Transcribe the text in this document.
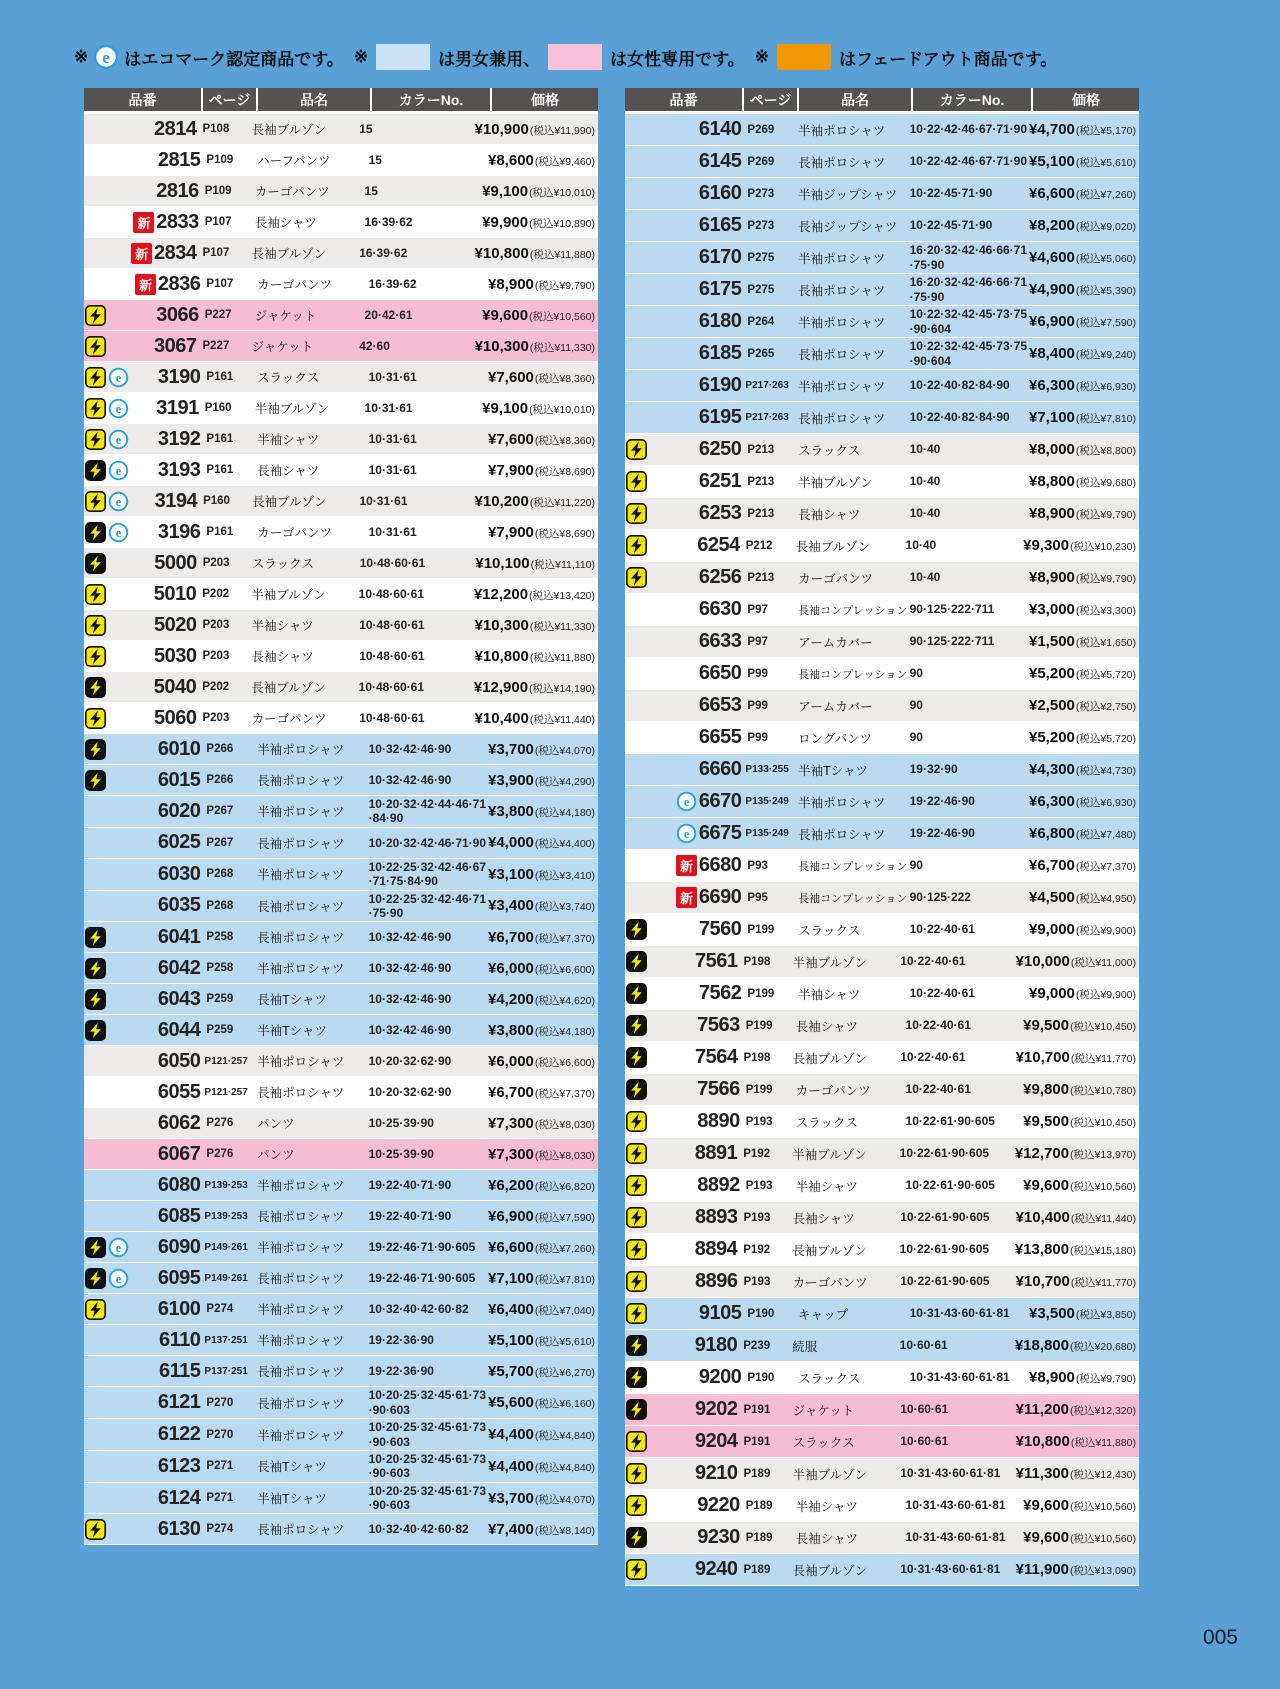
※ e はエコマーク認定商品です。 ※	は男女兼用、	は女性専用です。 ※	はフェードアウト商品です。
品番	ページ	品名	カラーNo.	価格
2814 P108	長袖ブルゾン	15	¥10,900 (税込¥11,990)
2815 P109	ハーフパンツ	15	¥8,600 (税込¥9,460)
2816 P109	カーゴパンツ	15	¥9,100 (税込¥10,010)
新 2833 P107	長袖シャツ	16·39·62	¥9,900 (税込¥10,890)
新 2834 P107	長袖ブルゾン	16·39·62	¥10,800 (税込¥11,880)
新 2836 P107	カーゴパンツ	16·39·62	¥8,900 (税込¥9,790)
3066 P227	ジャケット	20·42·61	¥9,600 (税込¥10,560)
3067 P227	ジャケット	42·60	¥10,300 (税込¥11,330)
e 3190 P161	スラックス	10·31·61	¥7,600 (税込¥8,360)
e 3191 P160	半袖ブルゾン	10·31·61	¥9,100 (税込¥10,010)
e 3192 P161	半袖シャツ	10·31·61	¥7,600 (税込¥8,360)
e 3193 P161	長袖シャツ	10·31·61	¥7,900 (税込¥8,690)
e 3194 P160	長袖ブルゾン	10·31·61	¥10,200 (税込¥11,220)
e 3196 P161	カーゴパンツ	10·31·61	¥7,900 (税込¥8,690)
5000 P203	スラックス	10·48·60·61	¥10,100 (税込¥11,110)
5010 P202	半袖ブルゾン	10·48·60·61	¥12,200 (税込¥13,420)
5020 P203	半袖シャツ	10·48·60·61	¥10,300 (税込¥11,330)
5030 P203	長袖シャツ	10·48·60·61	¥10,800 (税込¥11,880)
5040 P202	長袖ブルゾン	10·48·60·61	¥12,900 (税込¥14,190)
5060 P203	カーゴパンツ	10·48·60·61	¥10,400 (税込¥11,440)
6010 P266	半袖ポロシャツ	10·32·42·46·90	¥3,700 (税込¥4,070)
6015 P266	長袖ポロシャツ	10·32·42·46·90	¥3,900 (税込¥4,290)
6020 P267	半袖ポロシャツ
10·20·32·42·44·46·71·84·90	¥3,800 (税込¥4,180)
6025 P267	長袖ポロシャツ	10·20·32·42·46·71·90 ¥4,000 (税込¥4,400)
6030 P268	半袖ポロシャツ
10·22·25·32·42·46·67·71·75·84·90	¥3,100 (税込¥3,410)
6035 P268	長袖ポロシャツ
10·22·25·32·42·46·71·75·90	¥3,400 (税込¥3,740)
6041 P258	長袖ポロシャツ	10·32·42·46·90	¥6,700 (税込¥7,370)
6042 P258	半袖ポロシャツ	10·32·42·46·90	¥6,000 (税込¥6,600)
6043 P259	長袖Tシャツ	10·32·42·46·90	¥4,200 (税込¥4,620)
6044 P259	半袖Tシャツ	10·32·42·46·90	¥3,800 (税込¥4,180)
6050 P121·257 半袖ポロシャツ	10·20·32·62·90	¥6,000 (税込¥6,600)
6055 P121·257 長袖ポロシャツ	10·20·32·62·90	¥6,700 (税込¥7,370)
6062 P276	パンツ	10·25·39·90	¥7,300 (税込¥8,030)
6067 P276	パンツ	10·25·39·90	¥7,300 (税込¥8,030)
6080 P139·253 半袖ポロシャツ	19·22·40·71·90	¥6,200 (税込¥6,820)
6085 P139·253 長袖ポロシャツ	19·22·40·71·90	¥6,900 (税込¥7,590)
e 6090 P149·261 半袖ポロシャツ	19·22·46·71·90·605 ¥6,600 (税込¥7,260)
e 6095 P149·261 長袖ポロシャツ	19·22·46·71·90·605 ¥7,100 (税込¥7,810)
6100 P274	半袖ポロシャツ	10·32·40·42·60·82	¥6,400 (税込¥7,040)
6110 P137·251 半袖ポロシャツ	19·22·36·90	¥5,100 (税込¥5,610)
6115 P137·251 長袖ポロシャツ	19·22·36·90	¥5,700 (税込¥6,270)
6121 P270	長袖ポロシャツ
10·20·25·32·45·61·73·90·603	¥5,600 (税込¥6,160)
6122 P270	半袖ポロシャツ
10·20·25·32·45·61·73·90·603	¥4,400 (税込¥4,840)
6123 P271	長袖Tシャツ
10·20·25·32·45·61·73·90·603	¥4,400 (税込¥4,840)
6124 P271	半袖Tシャツ
10·20·25·32·45·61·73·90·603	¥3,700 (税込¥4,070)
6130 P274	長袖ポロシャツ	10·32·40·42·60·82	¥7,400 (税込¥8,140)
品番	ページ	品名	カラーNo.	価格
6140 P269	半袖ポロシャツ	10·22·42·46·67·71·90 ¥4,700 (税込¥5,170)
6145 P269	長袖ポロシャツ	10·22·42·46·67·71·90 ¥5,100 (税込¥5,610)
6160 P273	半袖ジップシャツ	10·22·45·71·90	¥6,600 (税込¥7,260)
6165 P273	長袖ジップシャツ	10·22·45·71·90	¥8,200 (税込¥9,020)
6170 P275	半袖ポロシャツ
16·20·32·42·46·66·71·75·90	¥4,600 (税込¥5,060)
6175 P275	長袖ポロシャツ
16·20·32·42·46·66·71·75·90	¥4,900 (税込¥5,390)
6180 P264	半袖ポロシャツ
10·22·32·42·45·73·75·90·604	¥6,900 (税込¥7,590)
6185 P265	長袖ポロシャツ
10·22·32·42·45·73·75·90·604	¥8,400 (税込¥9,240)
6190 P217·263 半袖ポロシャツ	10·22·40·82·84·90	¥6,300 (税込¥6,930)
6195 P217·263 長袖ポロシャツ	10·22·40·82·84·90	¥7,100 (税込¥7,810)
6250 P213	スラックス	10·40	¥8,000 (税込¥8,800)
6251 P213	半袖ブルゾン	10·40	¥8,800 (税込¥9,680)
6253 P213	長袖シャツ	10·40	¥8,900 (税込¥9,790)
6254 P212	長袖ブルゾン	10·40	¥9,300 (税込¥10,230)
6256 P213	カーゴパンツ	10·40	¥8,900 (税込¥9,790)
6630 P97	長袖コンプレッション 90·125·222·711	¥3,000 (税込¥3,300)
6633 P97	アームカバー	90·125·222·711	¥1,500 (税込¥1,650)
6650 P99	長袖コンプレッション 90	¥5,200 (税込¥5,720)
6653 P99	アームカバー	90	¥2,500 (税込¥2,750)
6655 P99	ロングパンツ	90	¥5,200 (税込¥5,720)
6660 P133·255 半袖Tシャツ	19·32·90	¥4,300 (税込¥4,730)
e 6670 P135·249 半袖ポロシャツ	19·22·46·90	¥6,300 (税込¥6,930)
e 6675 P135·249 長袖ポロシャツ	19·22·46·90	¥6,800 (税込¥7,480)
新 6680 P93	長袖コンプレッション 90	¥6,700 (税込¥7,370)
新 6690 P95	長袖コンプレッション 90·125·222	¥4,500 (税込¥4,950)
7560 P199	スラックス	10·22·40·61	¥9,000 (税込¥9,900)
7561 P198	半袖ブルゾン	10·22·40·61	¥10,000 (税込¥11,000)
7562 P199	半袖シャツ	10·22·40·61	¥9,000 (税込¥9,900)
7563 P199	長袖シャツ	10·22·40·61	¥9,500 (税込¥10,450)
7564 P198	長袖ブルゾン	10·22·40·61	¥10,700 (税込¥11,770)
7566 P199	カーゴパンツ	10·22·40·61	¥9,800 (税込¥10,780)
8890 P193	スラックス	10·22·61·90·605	¥9,500 (税込¥10,450)
8891 P192	半袖ブルゾン	10·22·61·90·605	¥12,700 (税込¥13,970)
8892 P193	半袖シャツ	10·22·61·90·605	¥9,600 (税込¥10,560)
8893 P193	長袖シャツ	10·22·61·90·605	¥10,400 (税込¥11,440)
8894 P192	長袖ブルゾン	10·22·61·90·605	¥13,800 (税込¥15,180)
8896 P193	カーゴパンツ	10·22·61·90·605	¥10,700 (税込¥11,770)
9105 P190	キャップ	10·31·43·60·61·81	¥3,500 (税込¥3,850)
9180 P239	続服	10·60·61	¥18,800 (税込¥20,680)
9200 P190	スラックス	10·31·43·60·61·81	¥8,900 (税込¥9,790)
9202 P191	ジャケット	10·60·61	¥11,200 (税込¥12,320)
9204 P191	スラックス	10·60·61	¥10,800 (税込¥11,880)
9210 P189	半袖ブルゾン	10·31·43·60·61·81	¥11,300 (税込¥12,430)
9220 P189	半袖シャツ	10·31·43·60·61·81	¥9,600 (税込¥10,560)
9230 P189	長袖シャツ	10·31·43·60·61·81	¥9,600 (税込¥10,560)
9240 P189	長袖ブルゾン	10·31·43·60·61·81	¥11,900 (税込¥13,090)
005
